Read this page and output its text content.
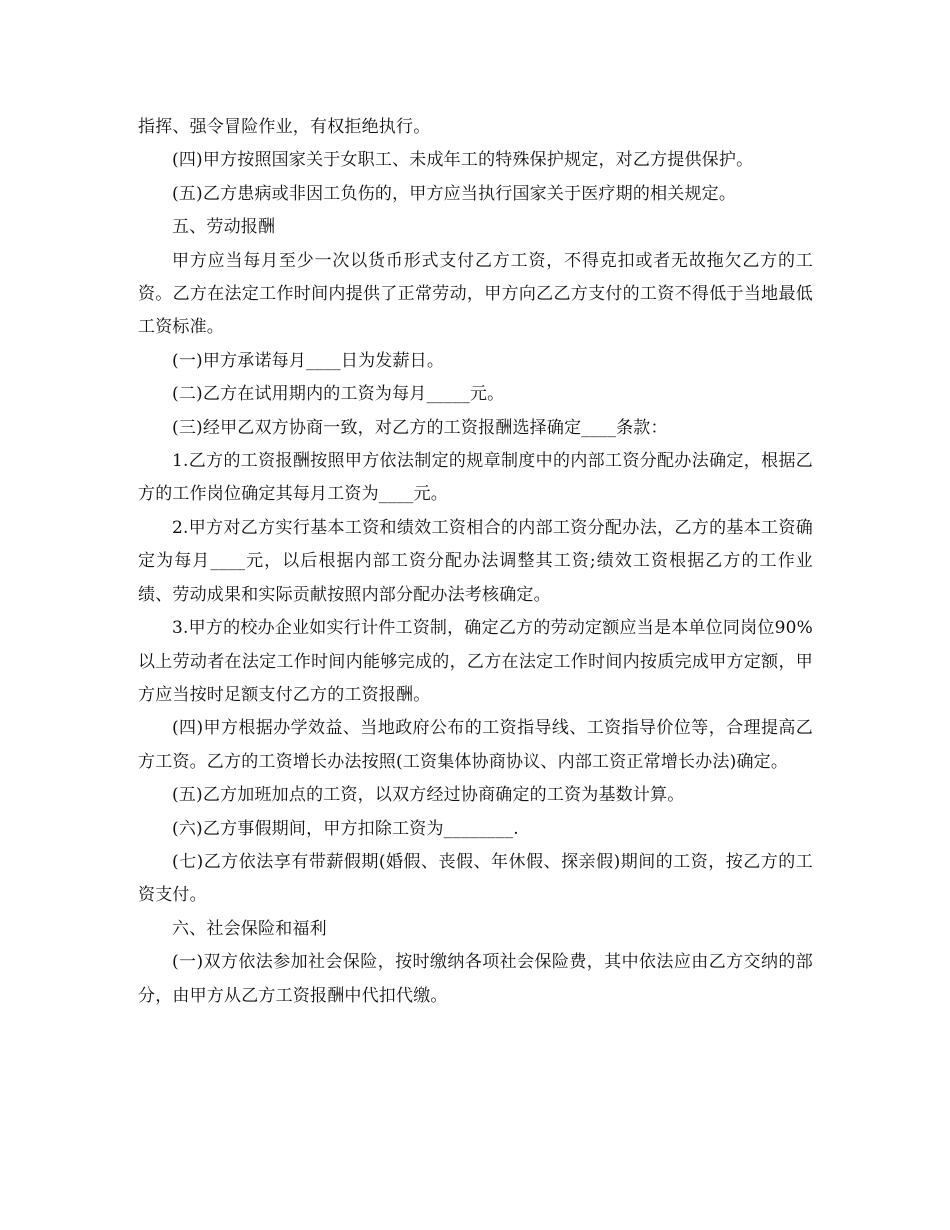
指挥、强令冒险作业，有权拒绝执行。

(四)甲方按照国家关于女职工、未成年工的特殊保护规定，对乙方提供保护。

(五)乙方患病或非因工负伤的，甲方应当执行国家关于医疗期的相关规定。

五、劳动报酬

甲方应当每月至少一次以货币形式支付乙方工资，不得克扣或者无故拖欠乙方的工资。乙方在法定工作时间内提供了正常劳动，甲方向乙乙方支付的工资不得低于当地最低工资标准。

(一)甲方承诺每月____日为发薪日。

(二)乙方在试用期内的工资为每月_____元。

(三)经甲乙双方协商一致，对乙方的工资报酬选择确定____条款：

1.乙方的工资报酬按照甲方依法制定的规章制度中的内部工资分配办法确定，根据乙方的工作岗位确定其每月工资为____元。

2.甲方对乙方实行基本工资和绩效工资相合的内部工资分配办法，乙方的基本工资确定为每月____元，以后根据内部工资分配办法调整其工资;绩效工资根据乙方的工作业绩、劳动成果和实际贡献按照内部分配办法考核确定。

3.甲方的校办企业如实行计件工资制，确定乙方的劳动定额应当是本单位同岗位90%以上劳动者在法定工作时间内能够完成的，乙方在法定工作时间内按质完成甲方定额，甲方应当按时足额支付乙方的工资报酬。

(四)甲方根据办学效益、当地政府公布的工资指导线、工资指导价位等，合理提高乙方工资。乙方的工资增长办法按照(工资集体协商协议、内部工资正常增长办法)确定。

(五)乙方加班加点的工资，以双方经过协商确定的工资为基数计算。

(六)乙方事假期间，甲方扣除工资为________.

(七)乙方依法享有带薪假期(婚假、丧假、年休假、探亲假)期间的工资，按乙方的工资支付。

六、社会保险和福利

(一)双方依法参加社会保险，按时缴纳各项社会保险费，其中依法应由乙方交纳的部分，由甲方从乙方工资报酬中代扣代缴。
